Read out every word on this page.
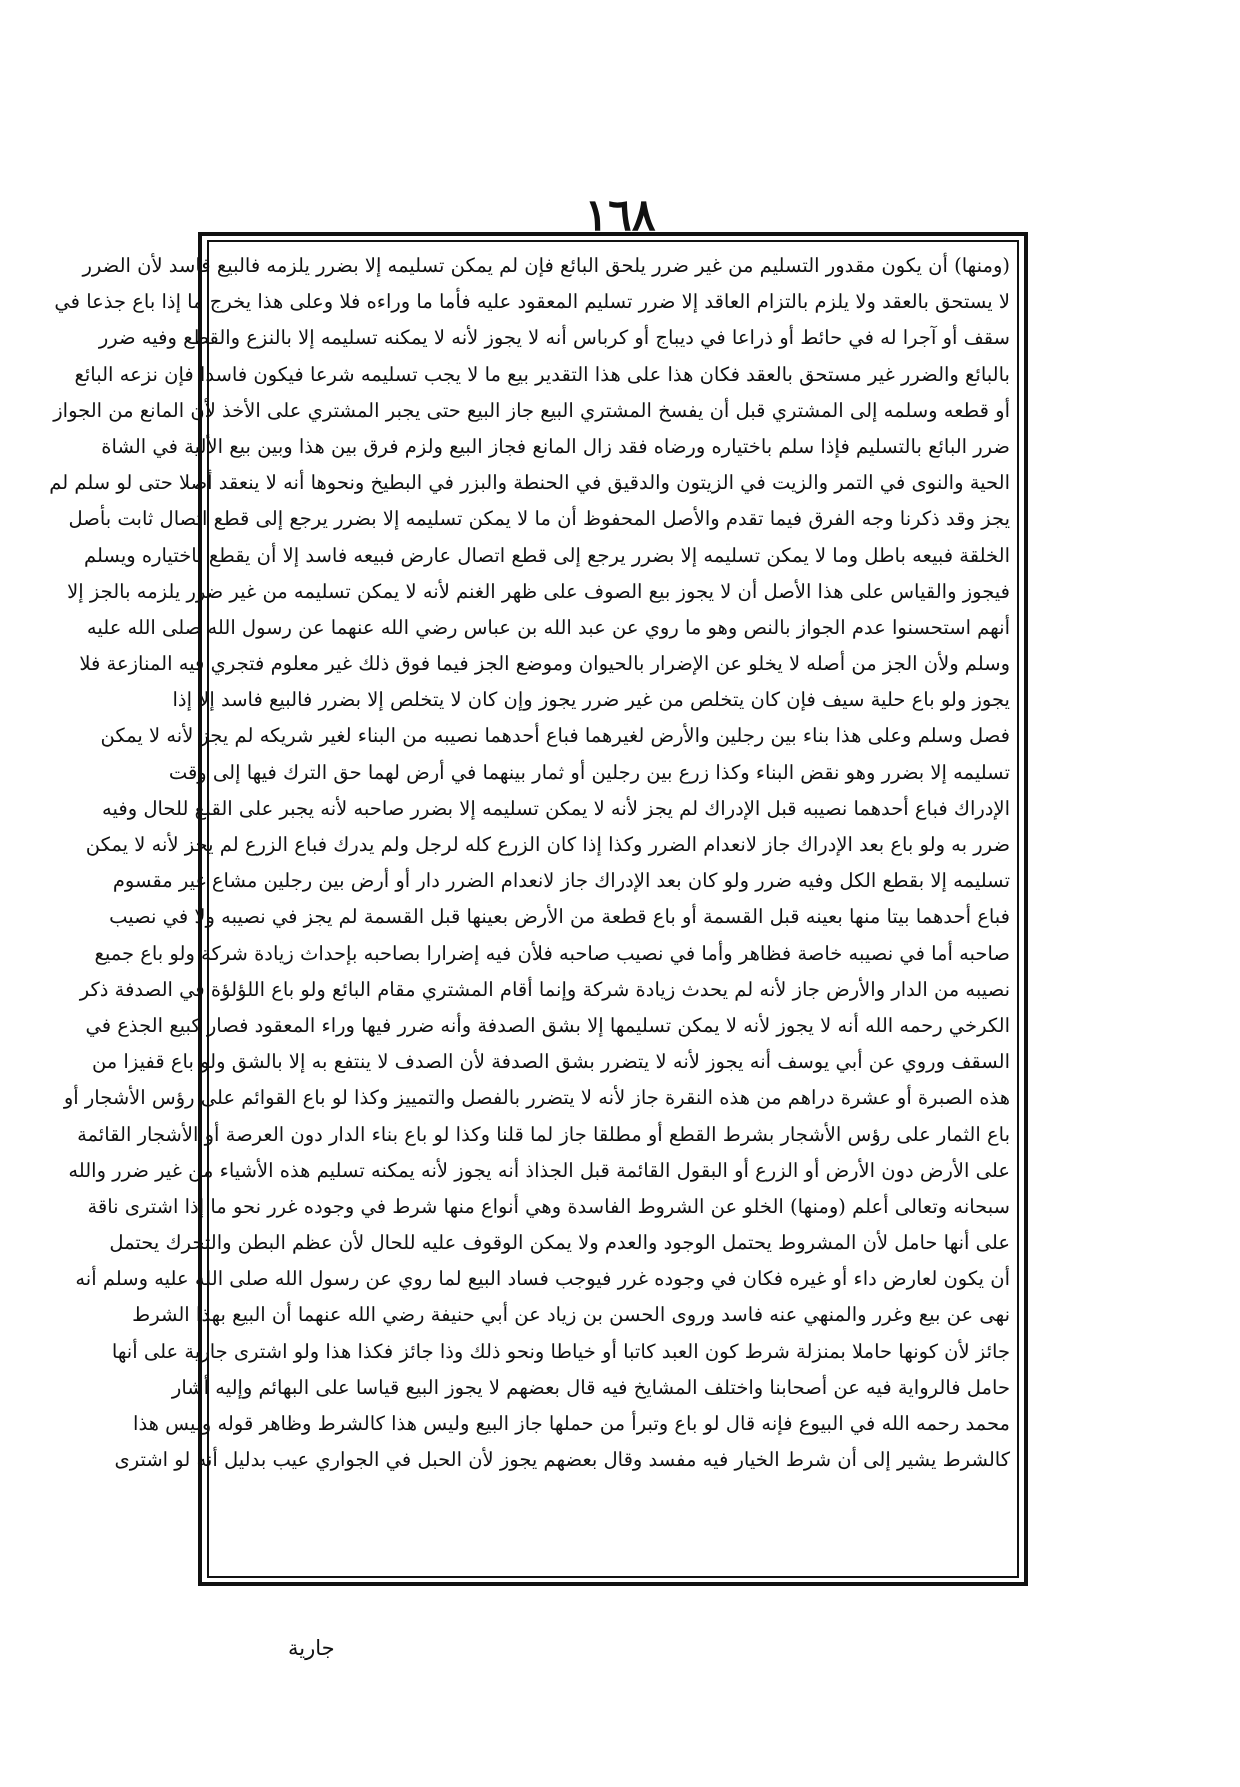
١٦٨
(ومنها) أن يكون مقدور التسليم من غير ضرر يلحق البائع فإن لم يمكن تسليمه إلا بضرر يلزمه فالبيع فاسد لأن الضرر
لا يستحق بالعقد ولا يلزم بالتزام العاقد إلا ضرر تسليم المعقود عليه فأما ما وراءه فلا وعلى هذا يخرج ما إذا باع جذعا في
سقف أو آجرا له في حائط أو ذراعا في ديباج أو كرباس أنه لا يجوز لأنه لا يمكنه تسليمه إلا بالنزع والقطع وفيه ضرر
بالبائع والضرر غير مستحق بالعقد فكان هذا على هذا التقدير بيع ما لا يجب تسليمه شرعا فيكون فاسدا فإن نزعه البائع
أو قطعه وسلمه إلى المشتري قبل أن يفسخ المشتري البيع جاز البيع حتى يجبر المشتري على الأخذ لأن المانع من الجواز
ضرر البائع بالتسليم فإذا سلم باختياره ورضاه فقد زال المانع فجاز البيع ولزم فرق بين هذا وبين بيع الألية في الشاة
الحية والنوى في التمر والزيت في الزيتون والدقيق في الحنطة والبزر في البطيخ ونحوها أنه لا ينعقد أصلا حتى لو سلم لم
يجز وقد ذكرنا وجه الفرق فيما تقدم والأصل المحفوظ أن ما لا يمكن تسليمه إلا بضرر يرجع إلى قطع اتصال ثابت بأصل
الخلقة فبيعه باطل وما لا يمكن تسليمه إلا بضرر يرجع إلى قطع اتصال عارض فبيعه فاسد إلا أن يقطع باختياره ويسلم
فيجوز والقياس على هذا الأصل أن لا يجوز بيع الصوف على ظهر الغنم لأنه لا يمكن تسليمه من غير ضرر يلزمه بالجز إلا
أنهم استحسنوا عدم الجواز بالنص وهو ما روي عن عبد الله بن عباس رضي الله عنهما عن رسول الله صلى الله عليه
وسلم ولأن الجز من أصله لا يخلو عن الإضرار بالحيوان وموضع الجز فيما فوق ذلك غير معلوم فتجري فيه المنازعة فلا
يجوز ولو باع حلية سيف فإن كان يتخلص من غير ضرر يجوز وإن كان لا يتخلص إلا بضرر فالبيع فاسد إلا إذا
فصل وسلم وعلى هذا بناء بين رجلين والأرض لغيرهما فباع أحدهما نصيبه من البناء لغير شريكه لم يجز لأنه لا يمكن
تسليمه إلا بضرر وهو نقض البناء وكذا زرع بين رجلين أو ثمار بينهما في أرض لهما حق الترك فيها إلى وقت
الإدراك فباع أحدهما نصيبه قبل الإدراك لم يجز لأنه لا يمكن تسليمه إلا بضرر صاحبه لأنه يجبر على القلع للحال وفيه
ضرر به ولو باع بعد الإدراك جاز لانعدام الضرر وكذا إذا كان الزرع كله لرجل ولم يدرك فباع الزرع لم يجز لأنه لا يمكن
تسليمه إلا بقطع الكل وفيه ضرر ولو كان بعد الإدراك جاز لانعدام الضرر دار أو أرض بين رجلين مشاع غير مقسوم
فباع أحدهما بيتا منها بعينه قبل القسمة أو باع قطعة من الأرض بعينها قبل القسمة لم يجز في نصيبه ولا في نصيب
صاحبه أما في نصيبه خاصة فظاهر وأما في نصيب صاحبه فلأن فيه إضرارا بصاحبه بإحداث زيادة شركة ولو باع جميع
نصيبه من الدار والأرض جاز لأنه لم يحدث زيادة شركة وإنما أقام المشتري مقام البائع ولو باع اللؤلؤة في الصدفة ذكر
الكرخي رحمه الله أنه لا يجوز لأنه لا يمكن تسليمها إلا بشق الصدفة وأنه ضرر فيها وراء المعقود فصار كبيع الجذع في
السقف وروي عن أبي يوسف أنه يجوز لأنه لا يتضرر بشق الصدفة لأن الصدف لا ينتفع به إلا بالشق ولو باع قفيزا من
هذه الصبرة أو عشرة دراهم من هذه النقرة جاز لأنه لا يتضرر بالفصل والتمييز وكذا لو باع القوائم على رؤس الأشجار أو
باع الثمار على رؤس الأشجار بشرط القطع أو مطلقا جاز لما قلنا وكذا لو باع بناء الدار دون العرصة أو الأشجار القائمة
على الأرض دون الأرض أو الزرع أو البقول القائمة قبل الجذاذ أنه يجوز لأنه يمكنه تسليم هذه الأشياء من غير ضرر والله
سبحانه وتعالى أعلم (ومنها) الخلو عن الشروط الفاسدة وهي أنواع منها شرط في وجوده غرر نحو ما إذا اشترى ناقة
على أنها حامل لأن المشروط يحتمل الوجود والعدم ولا يمكن الوقوف عليه للحال لأن عظم البطن والتحرك يحتمل
أن يكون لعارض داء أو غيره فكان في وجوده غرر فيوجب فساد البيع لما روي عن رسول الله صلى الله عليه وسلم أنه
نهى عن بيع وغرر والمنهي عنه فاسد وروى الحسن بن زياد عن أبي حنيفة رضي الله عنهما أن البيع بهذا الشرط
جائز لأن كونها حاملا بمنزلة شرط كون العبد كاتبا أو خياطا ونحو ذلك وذا جائز فكذا هذا ولو اشترى جارية على أنها
حامل فالرواية فيه عن أصحابنا واختلف المشايخ فيه قال بعضهم لا يجوز البيع قياسا على البهائم وإليه أشار
محمد رحمه الله في البيوع فإنه قال لو باع وتبرأ من حملها جاز البيع وليس هذا كالشرط وظاهر قوله وليس هذا
كالشرط يشير إلى أن شرط الخيار فيه مفسد وقال بعضهم يجوز لأن الحبل في الجواري عيب بدليل أنه لو اشترى
جارية
